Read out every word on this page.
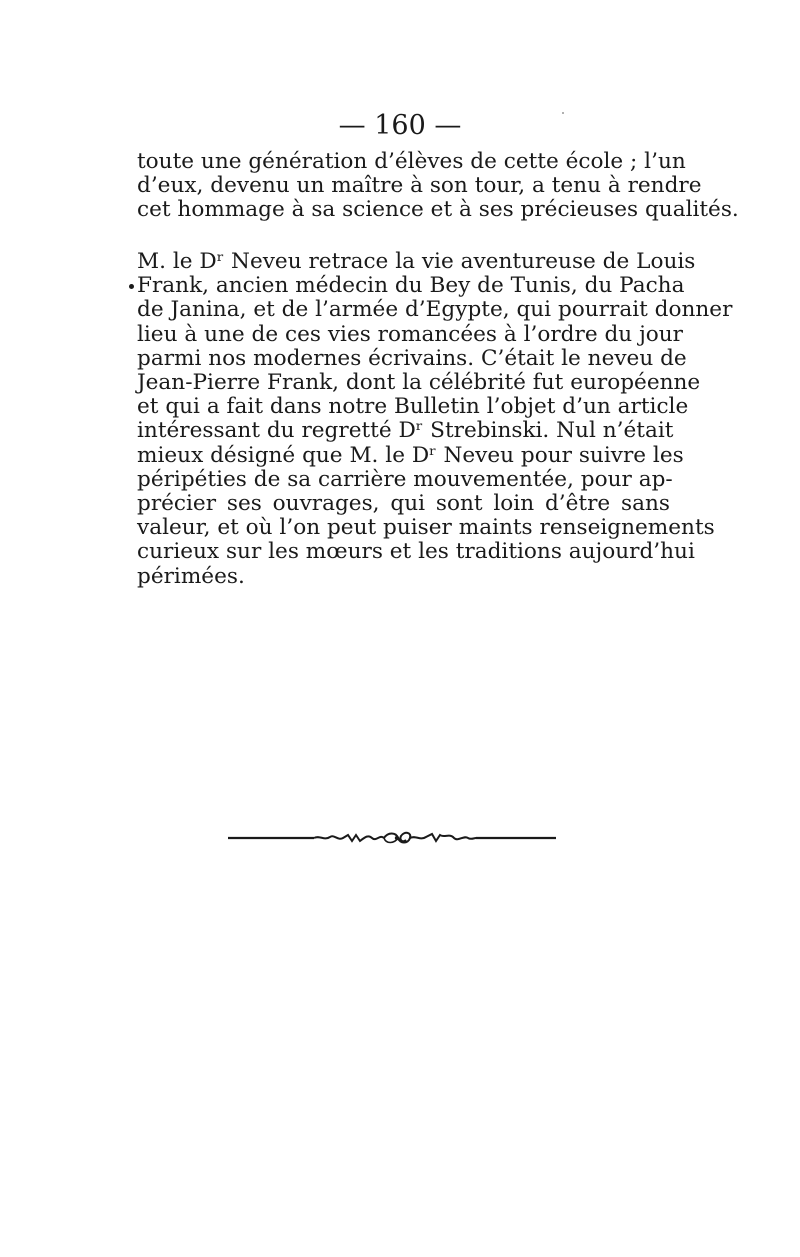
— 160 —
toute une génération d’élèves de cette école ; l’un
d’eux, devenu un maître à son tour, a tenu à rendre
cet hommage à sa science et à ses précieuses qualités.
M. le Dʳ Neveu retrace la vie aventureuse de Louis
Frank, ancien médecin du Bey de Tunis, du Pacha
de Janina, et de l’armée d’Egypte, qui pourrait donner
lieu à une de ces vies romancées à l’ordre du jour
parmi nos modernes écrivains. C’était le neveu de
Jean-Pierre Frank, dont la célébrité fut européenne
et qui a fait dans notre Bulletin l’objet d’un article
intéressant du regretté Dʳ Strebinski. Nul n’était
mieux désigné que M. le Dʳ Neveu pour suivre les
péripéties de sa carrière mouvementée, pour ap-
précier ses ouvrages, qui sont loin d’être sans
valeur, et où l’on peut puiser maints renseignements
curieux sur les mœurs et les traditions aujourd’hui
périmées.
